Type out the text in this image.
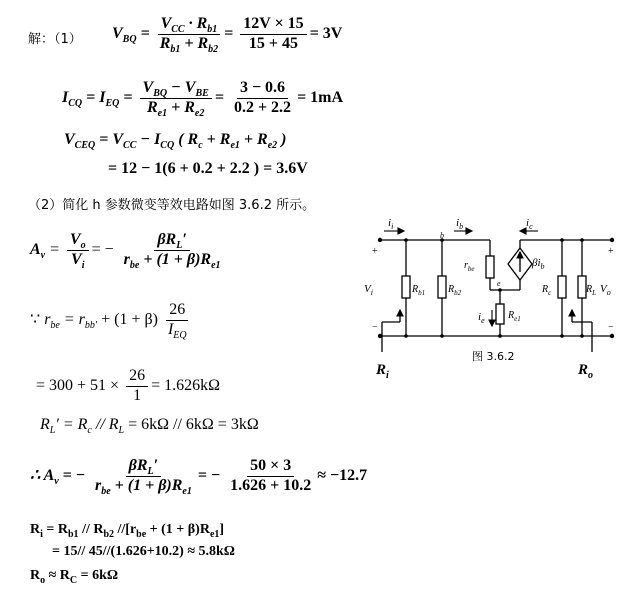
解：（1） $V_{BQ} = \frac{V_{CC} \cdot R_{b1}}{R_{b1} + R_{b2}} = \frac{12V \times 15}{15 + 45} = 3V$
$I_{CQ} = I_{EQ} = \frac{V_{BQ} - V_{BE}}{R_{e1} + R_{e2}} = \frac{3 - 0.6}{0.2 + 2.2} = 1mA$
$V_{CEQ} = V_{CC} - I_{CQ}$ ( $R_c + R_{e1} + R_{e2}$ )
= 12 − 1(6 + 0.2 + 2.2 ) = 3.6V
（2）简化 h 参数微变等效电路如图 3.6.2 所示。
$A_v = \frac{V_o}{V_i}$ = − $\frac{\beta R_L'}{r_{be} + (1 + \beta)R_{e1}}$
∵ $r_{be} = r_{bb'} + (1 + \beta) \frac{26}{I_{EQ}}$
= $300 + 51 \times \frac{26}{1} = 1.626k\Omega$
$R_L' = R_c // R_L = 6k\Omega // 6k\Omega = 3k\Omega$
∴ $A_v$ = − $\frac{\beta R_L'}{r_{be} + (1 + \beta)R_{e1}}$ = − $\frac{50 \times 3}{1.626 + 10.2} \approx -12.7$
$R_i = R_{b1} // R_{b2}$ $//[r_{be} + (1 + \beta)R_{e1}]$
= 15// 45//(1.626+10.2) ≈ 5.8kΩ
$R_o \approx R_C = 6k\Omega$
$i_i$
b
$i_b$	$i_c$
$V_i$	$R_{b1}$ $R_{b2}$
$r_{be}$
e
$\beta i_b$
$i_e$ $R_{e1}$
$R_c$	$R_L$ $V_o$
+
−
+
−
$R_i$	$R_o$
图 3.6.2
